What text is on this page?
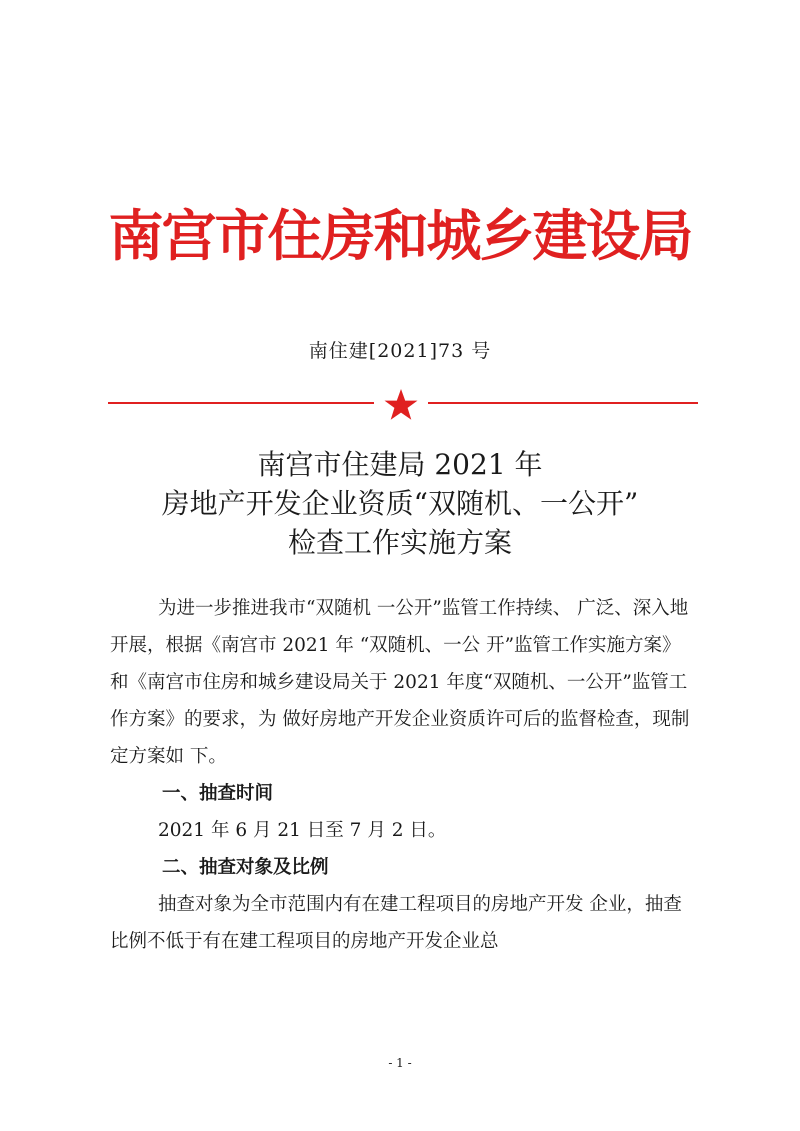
南宫市住房和城乡建设局
南住建[2021]73 号
南宫市住建局 2021 年
房地产开发企业资质“双随机、一公开”
检查工作实施方案
为进一步推进我市“双随机 一公开”监管工作持续、 广泛、深入地开展，根据《南宫市 2021 年 “双随机、一公 开”监管工作实施方案》和《南宫市住房和城乡建设局关于 2021 年度“双随机、一公开”监管工作方案》的要求，为 做好房地产开发企业资质许可后的监督检查，现制定方案如 下。
一、抽查时间
2021 年 6 月 21 日至 7 月 2 日。
二、抽查对象及比例
抽查对象为全市范围内有在建工程项目的房地产开发 企业，抽查比例不低于有在建工程项目的房地产开发企业总
- 1 -
